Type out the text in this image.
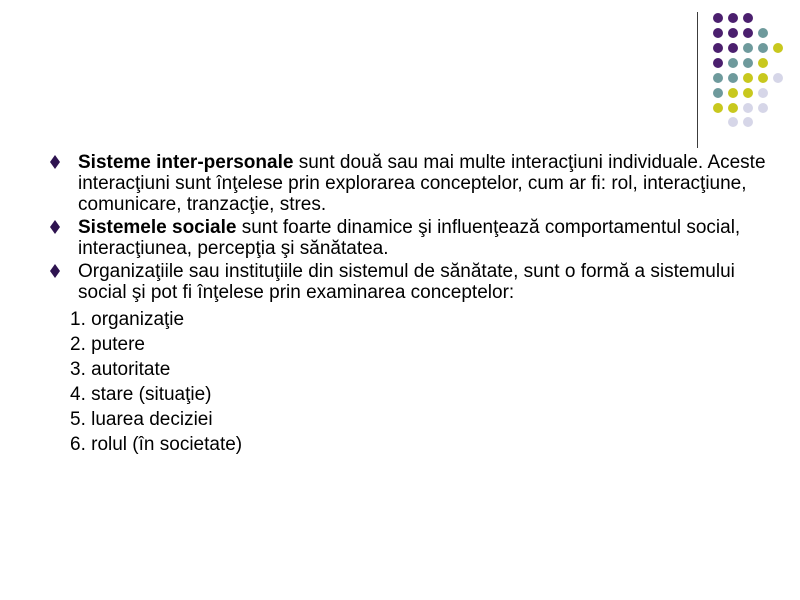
Sisteme inter-personale sunt două sau mai multe interacţiuni individuale. Aceste interacţiuni sunt înţelese prin explorarea conceptelor, cum ar fi: rol, interacţiune, comunicare, tranzacţie, stres.
Sistemele sociale sunt foarte dinamice şi influenţează comportamentul social, interacţiunea, percepţia şi sănătatea.
Organizaţiile sau instituţiile din sistemul de sănătate, sunt o formă a sistemului social şi pot fi înţelese prin examinarea conceptelor:
1. organizaţie
2. putere
3. autoritate
4. stare (situaţie)
5. luarea deciziei
6. rolul (în societate)
